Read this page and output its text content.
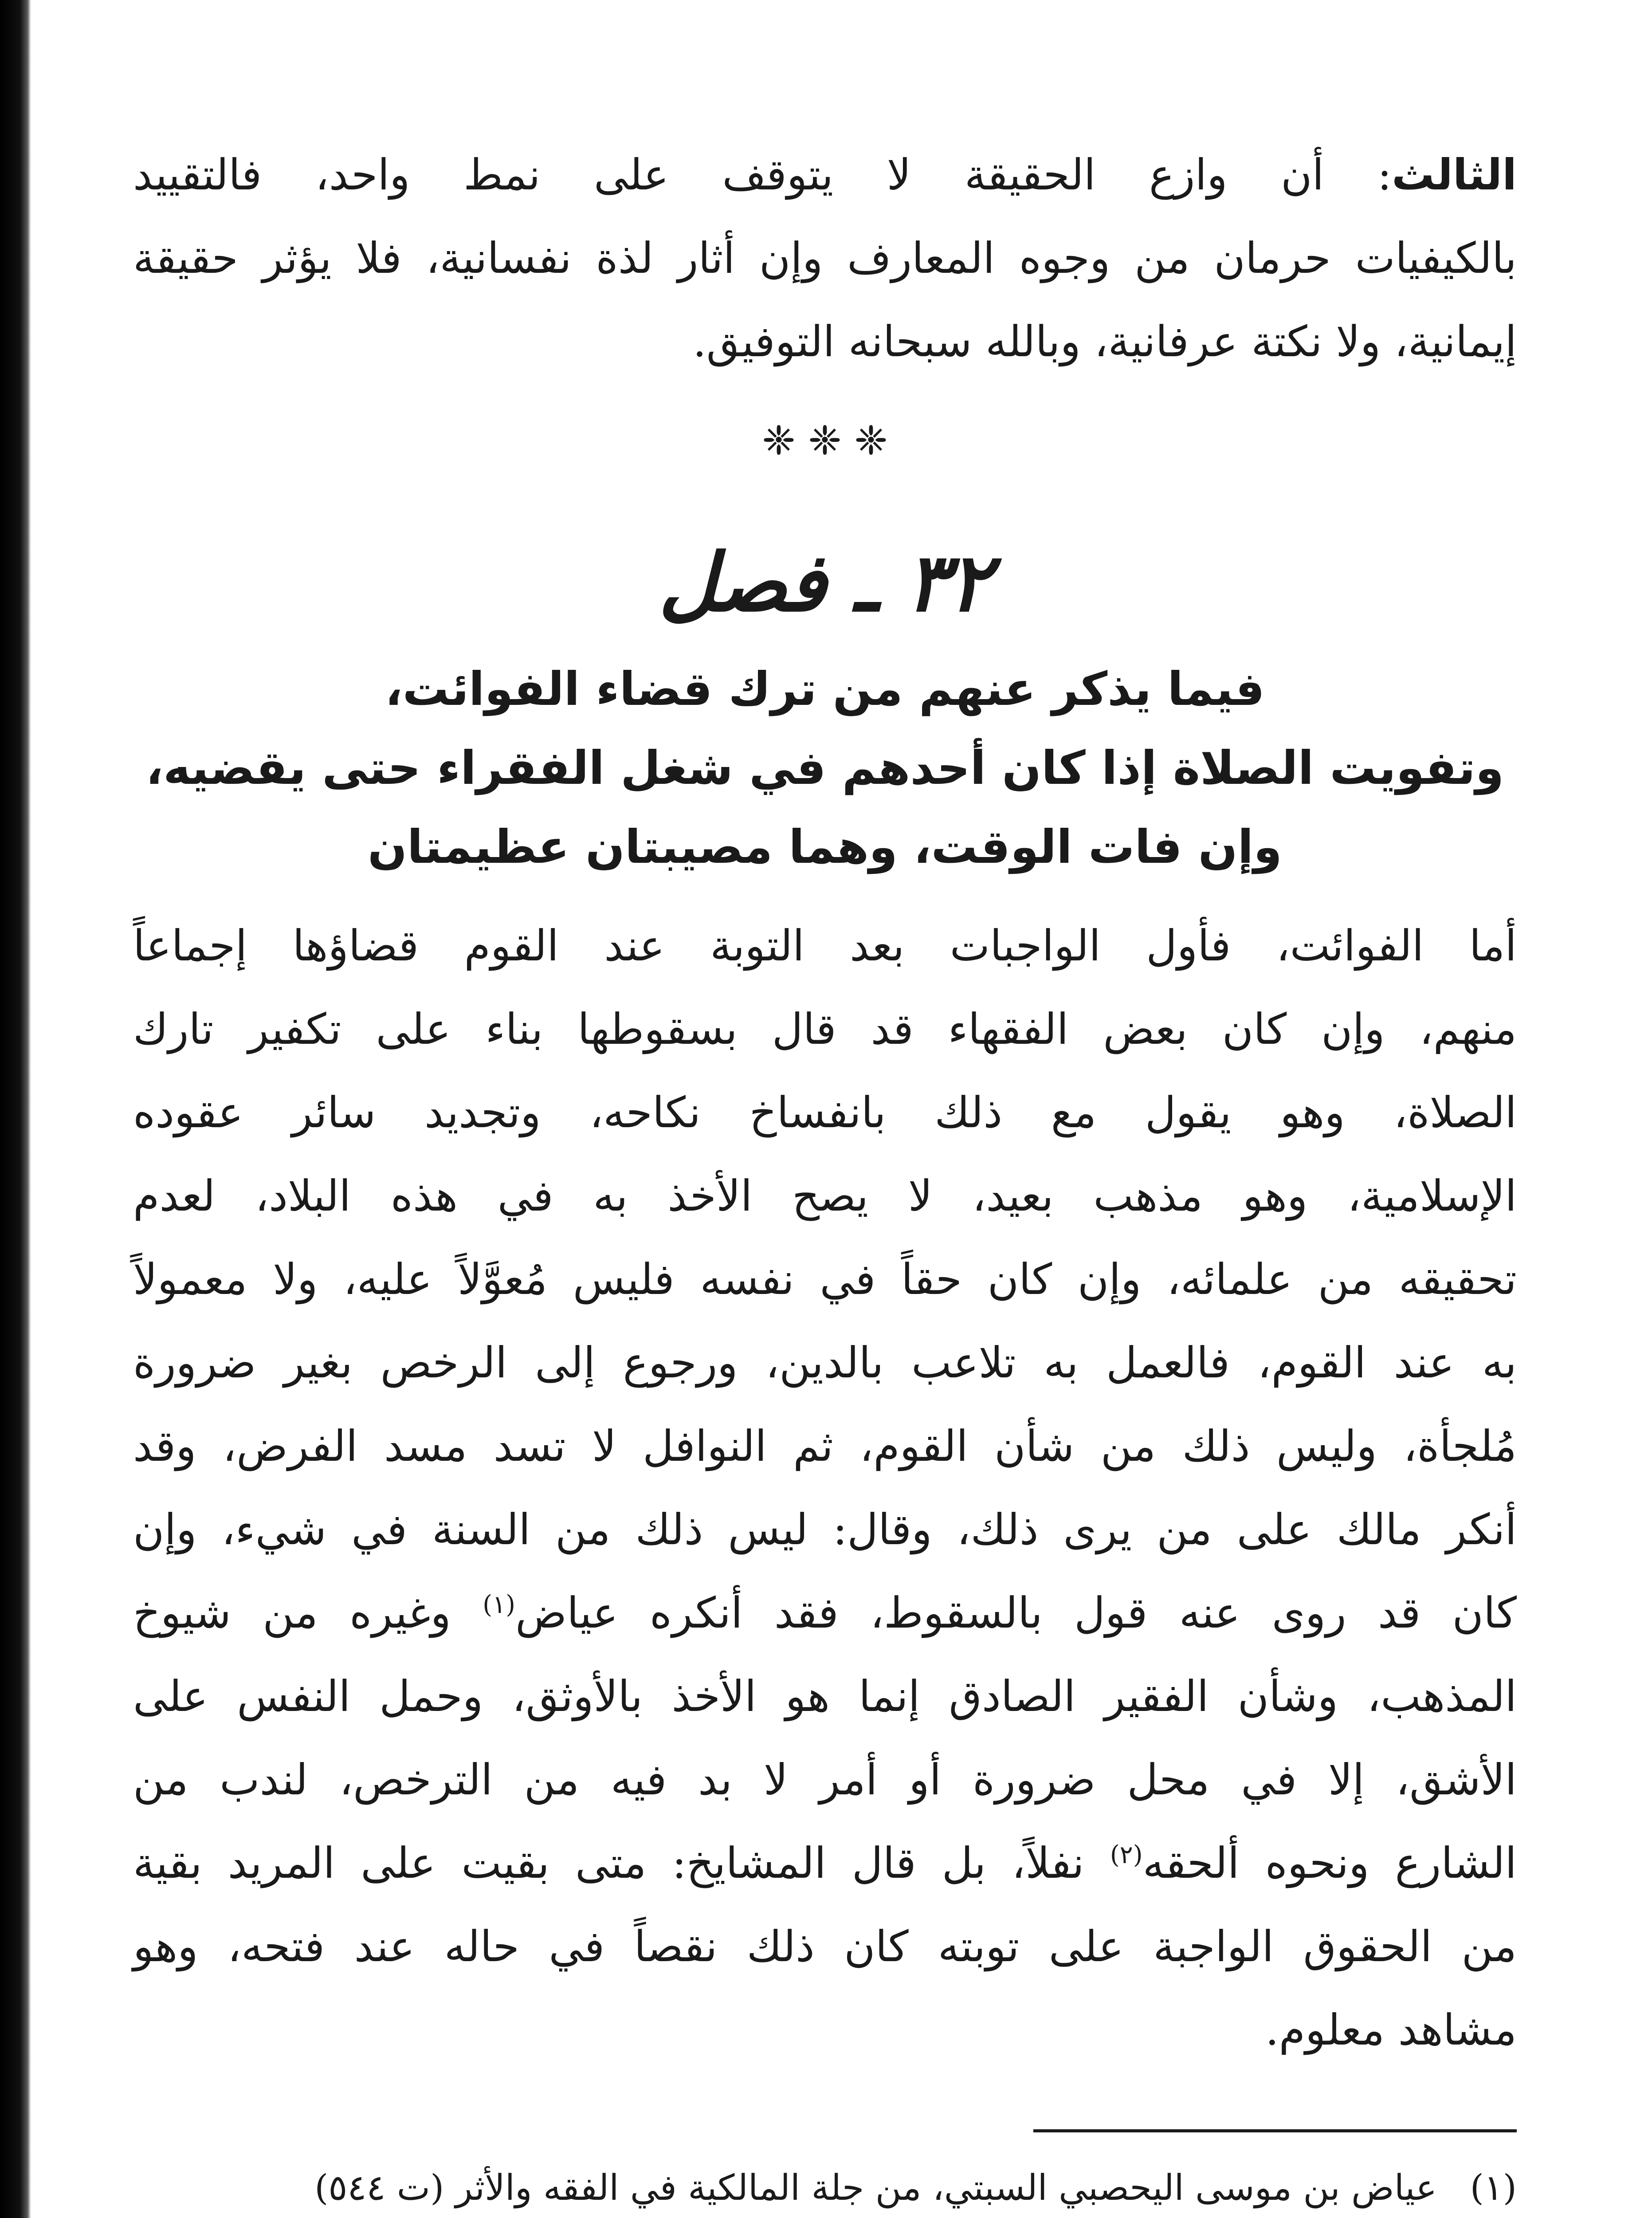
الثالث: أن وازع الحقيقة لا يتوقف على نمط واحد، فالتقييد

بالكيفيات حرمان من وجوه المعارف وإن أثار لذة نفسانية، فلا يؤثر حقيقة

إيمانية، ولا نكتة عرفانية، وبالله سبحانه التوفيق.

❈ ❈ ❈
٣٢ ـ فصل
فيما يذكر عنهم من ترك قضاء الفوائت،
وتفويت الصلاة إذا كان أحدهم في شغل الفقراء حتى يقضيه،
وإن فات الوقت، وهما مصيبتان عظيمتان

أما الفوائت، فأول الواجبات بعد التوبة عند القوم قضاؤها إجماعاً

منهم، وإن كان بعض الفقهاء قد قال بسقوطها بناء على تكفير تارك

الصلاة، وهو يقول مع ذلك بانفساخ نكاحه، وتجديد سائر عقوده

الإسلامية، وهو مذهب بعيد، لا يصح الأخذ به في هذه البلاد، لعدم

تحقيقه من علمائه، وإن كان حقاً في نفسه فليس مُعوَّلاً عليه، ولا معمولاً

به عند القوم، فالعمل به تلاعب بالدين، ورجوع إلى الرخص بغير ضرورة

مُلجأة، وليس ذلك من شأن القوم، ثم النوافل لا تسد مسد الفرض، وقد

أنكر مالك على من يرى ذلك، وقال: ليس ذلك من السنة في شيء، وإن

كان قد روى عنه قول بالسقوط، فقد أنكره عياض$^{(١)}$ وغيره من شيوخ

المذهب، وشأن الفقير الصادق إنما هو الأخذ بالأوثق، وحمل النفس على

الأشق، إلا في محل ضرورة أو أمر لا بد فيه من الترخص، لندب من

الشارع ونحوه ألحقه$^{(٢)}$ نفلاً، بل قال المشايخ: متى بقيت على المريد بقية

من الحقوق الواجبة على توبته كان ذلك نقصاً في حاله عند فتحه، وهو

مشاهد معلوم.

(١)عياض بن موسى اليحصبي السبتي، من جلة المالكية في الفقه والأثر (ت ٥٤٤)
